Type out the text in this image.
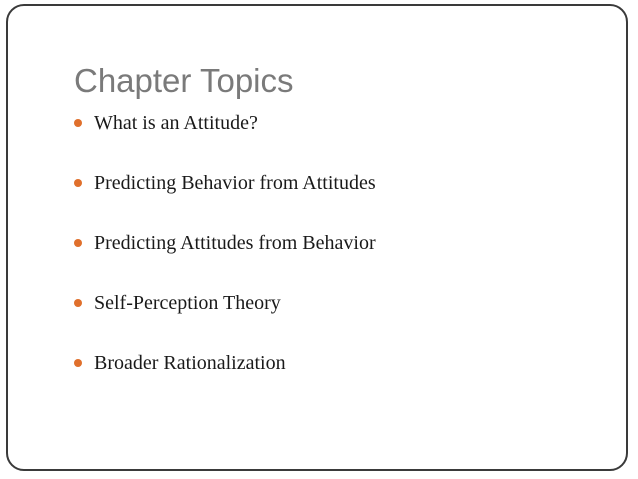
Chapter Topics
What is an Attitude?
Predicting Behavior from Attitudes
Predicting Attitudes from Behavior
Self-Perception Theory
Broader Rationalization
